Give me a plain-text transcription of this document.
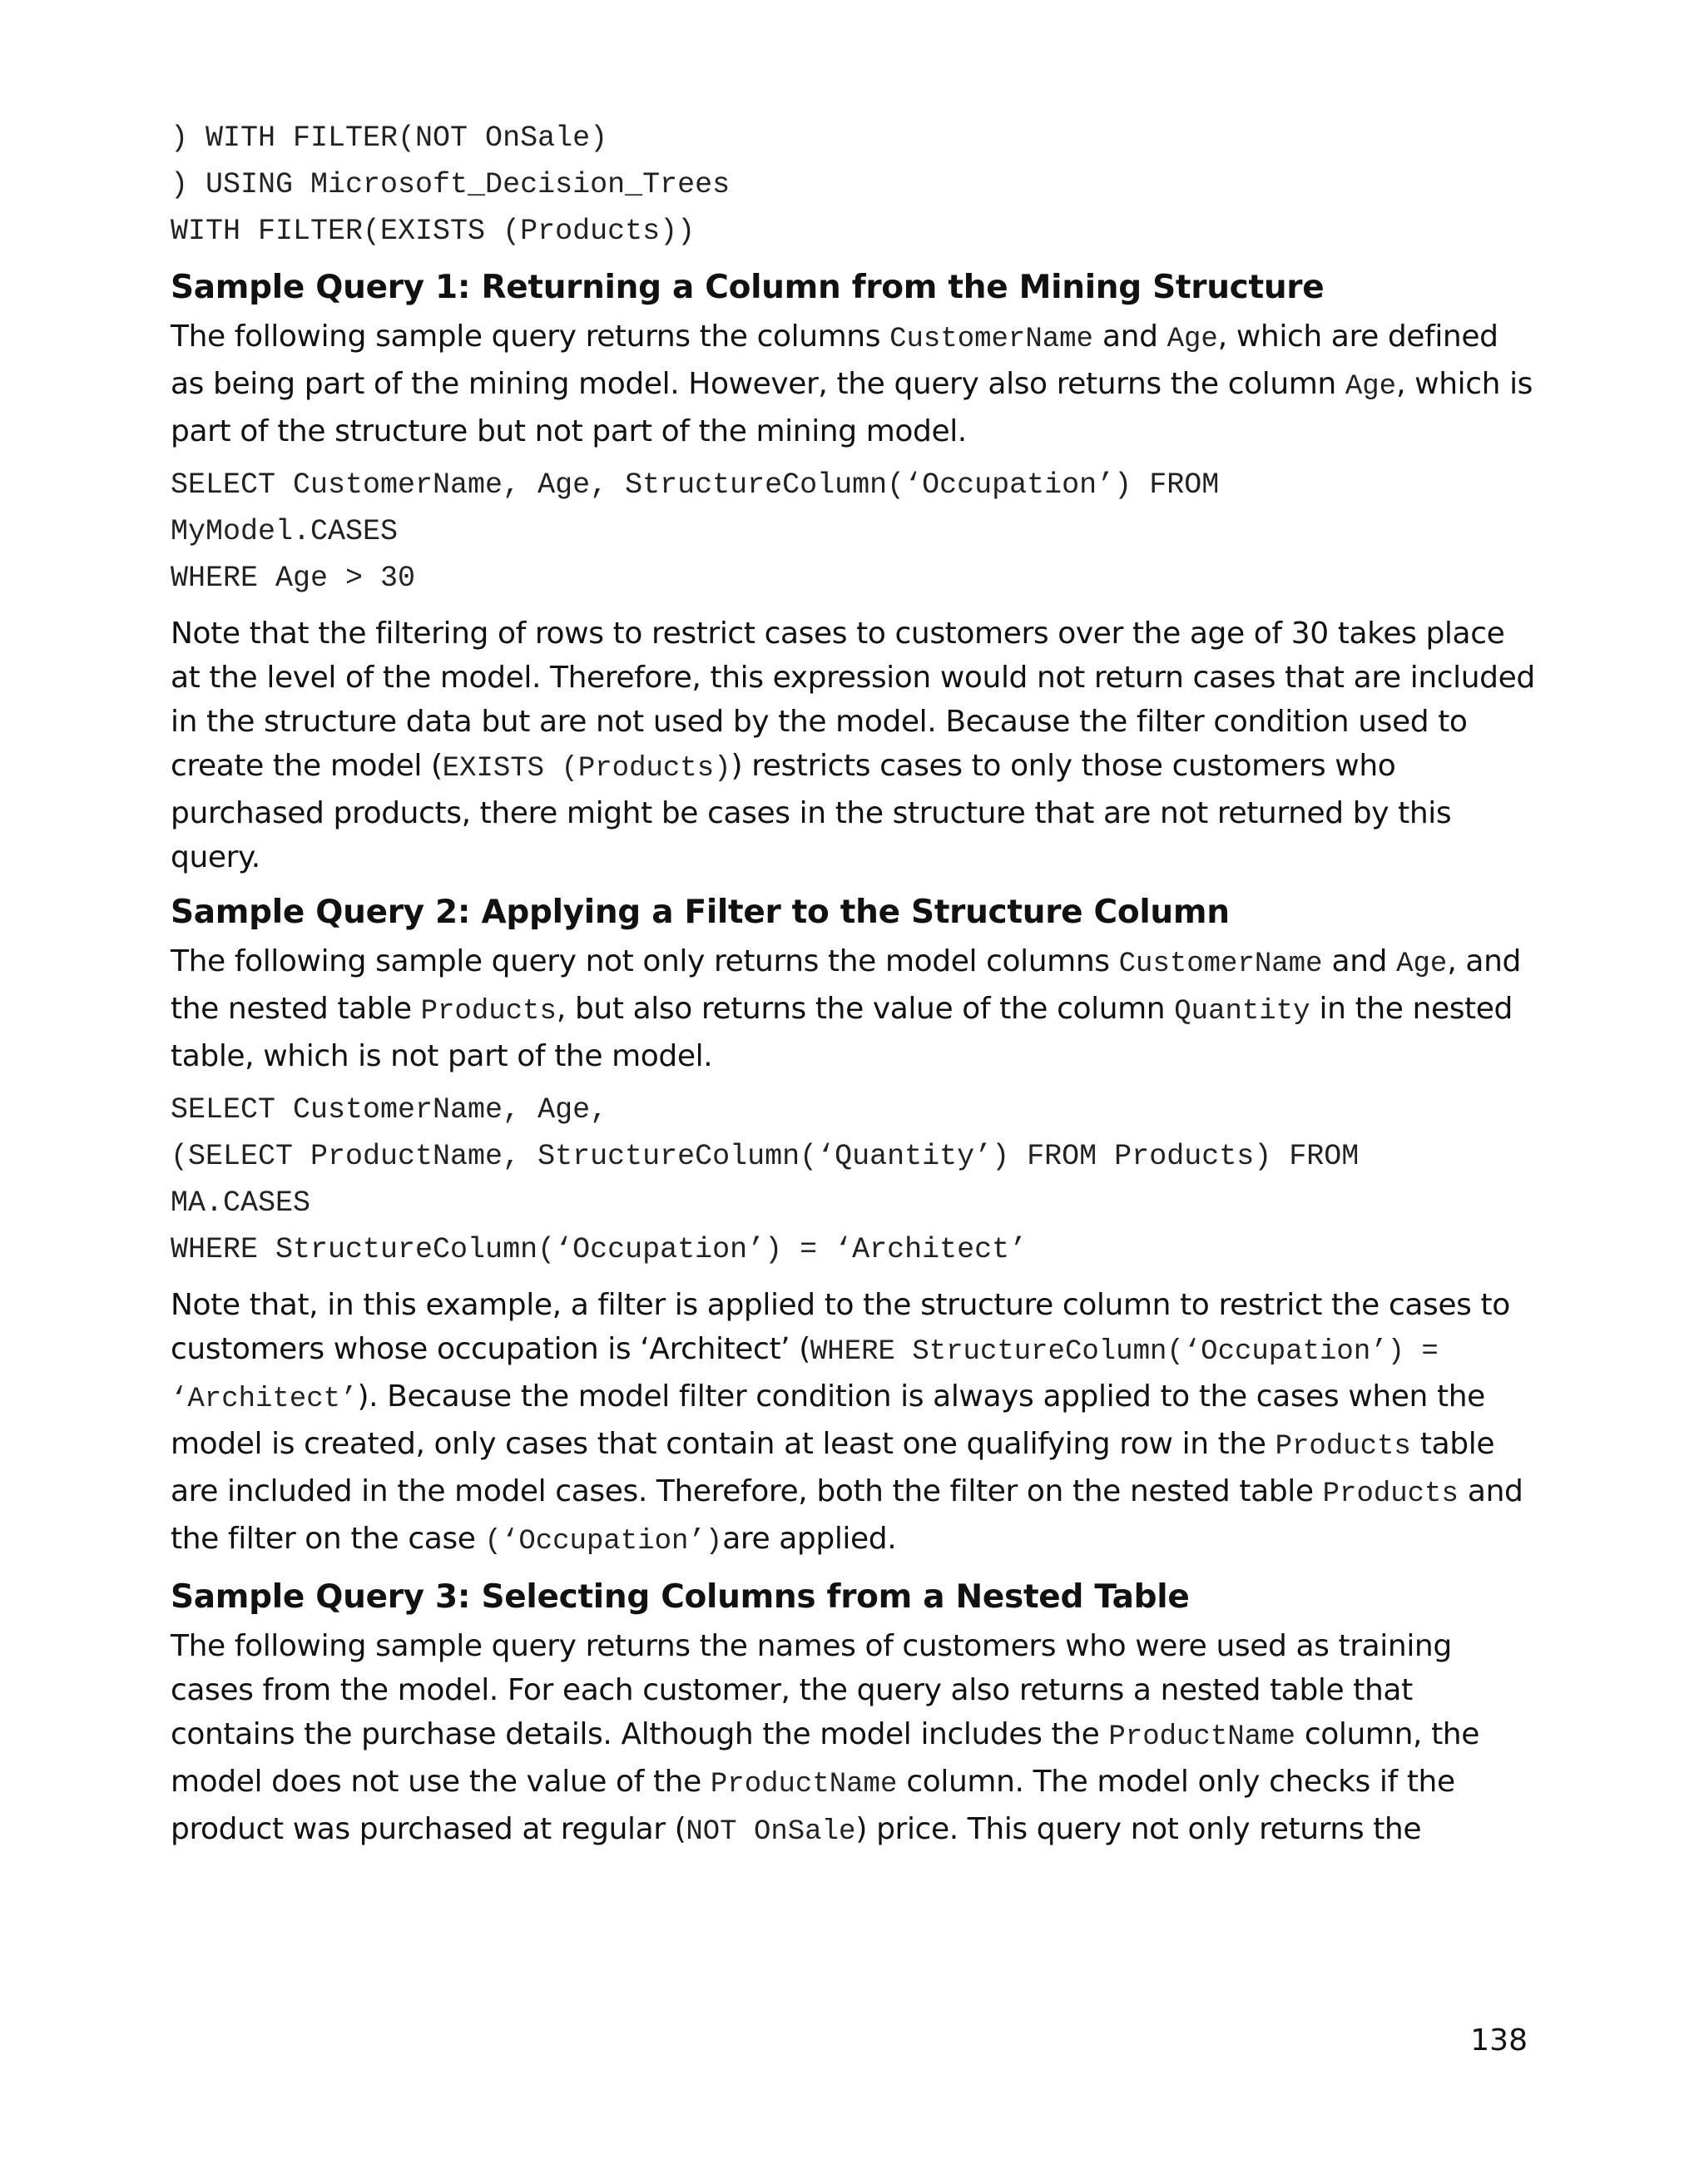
) WITH FILTER(NOT OnSale)
) USING Microsoft_Decision_Trees
WITH FILTER(EXISTS (Products))
Sample Query 1: Returning a Column from the Mining Structure

The following sample query returns the columns CustomerName and Age, which are defined as being part of the mining model. However, the query also returns the column Age, which is part of the structure but not part of the mining model.

SELECT CustomerName, Age, StructureColumn(‘Occupation’) FROM
MyModel.CASES
WHERE Age > 30

Note that the filtering of rows to restrict cases to customers over the age of 30 takes place at the level of the model. Therefore, this expression would not return cases that are included in the structure data but are not used by the model. Because the filter condition used to create the model (EXISTS (Products)) restricts cases to only those customers who purchased products, there might be cases in the structure that are not returned by this query.

Sample Query 2: Applying a Filter to the Structure Column

The following sample query not only returns the model columns CustomerName and Age, and the nested table Products, but also returns the value of the column Quantity in the nested table, which is not part of the model.

SELECT CustomerName, Age,
(SELECT ProductName, StructureColumn(‘Quantity’) FROM Products) FROM
MA.CASES
WHERE StructureColumn(‘Occupation’) = ‘Architect’

Note that, in this example, a filter is applied to the structure column to restrict the cases to customers whose occupation is ‘Architect’ (WHERE StructureColumn(‘Occupation’) = ‘Architect’). Because the model filter condition is always applied to the cases when the model is created, only cases that contain at least one qualifying row in the Products table are included in the model cases. Therefore, both the filter on the nested table Products and the filter on the case (‘Occupation’)are applied.

Sample Query 3: Selecting Columns from a Nested Table

The following sample query returns the names of customers who were used as training cases from the model. For each customer, the query also returns a nested table that contains the purchase details. Although the model includes the ProductName column, the model does not use the value of the ProductName column. The model only checks if the product was purchased at regular (NOT OnSale) price. This query not only returns the

138
